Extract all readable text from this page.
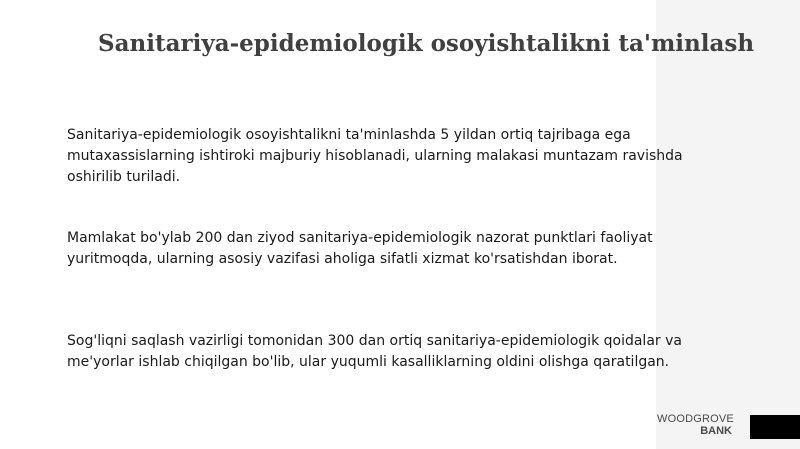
Sanitariya-epidemiologik osoyishtalikni ta'minlash

Sanitariya-epidemiologik osoyishtalikni ta'minlashda 5 yildan ortiq tajribaga ega mutaxassislarning ishtiroki majburiy hisoblanadi, ularning malakasi muntazam ravishda oshirilib turiladi.

Mamlakat bo'ylab 200 dan ziyod sanitariya-epidemiologik nazorat punktlari faoliyat yuritmoqda, ularning asosiy vazifasi aholiga sifatli xizmat ko'rsatishdan iborat.

Sog'liqni saqlash vazirligi tomonidan 300 dan ortiq sanitariya-epidemiologik qoidalar va me'yorlar ishlab chiqilgan bo'lib, ular yuqumli kasalliklarning oldini olishga qaratilgan.

WOODGROVE
BANK
